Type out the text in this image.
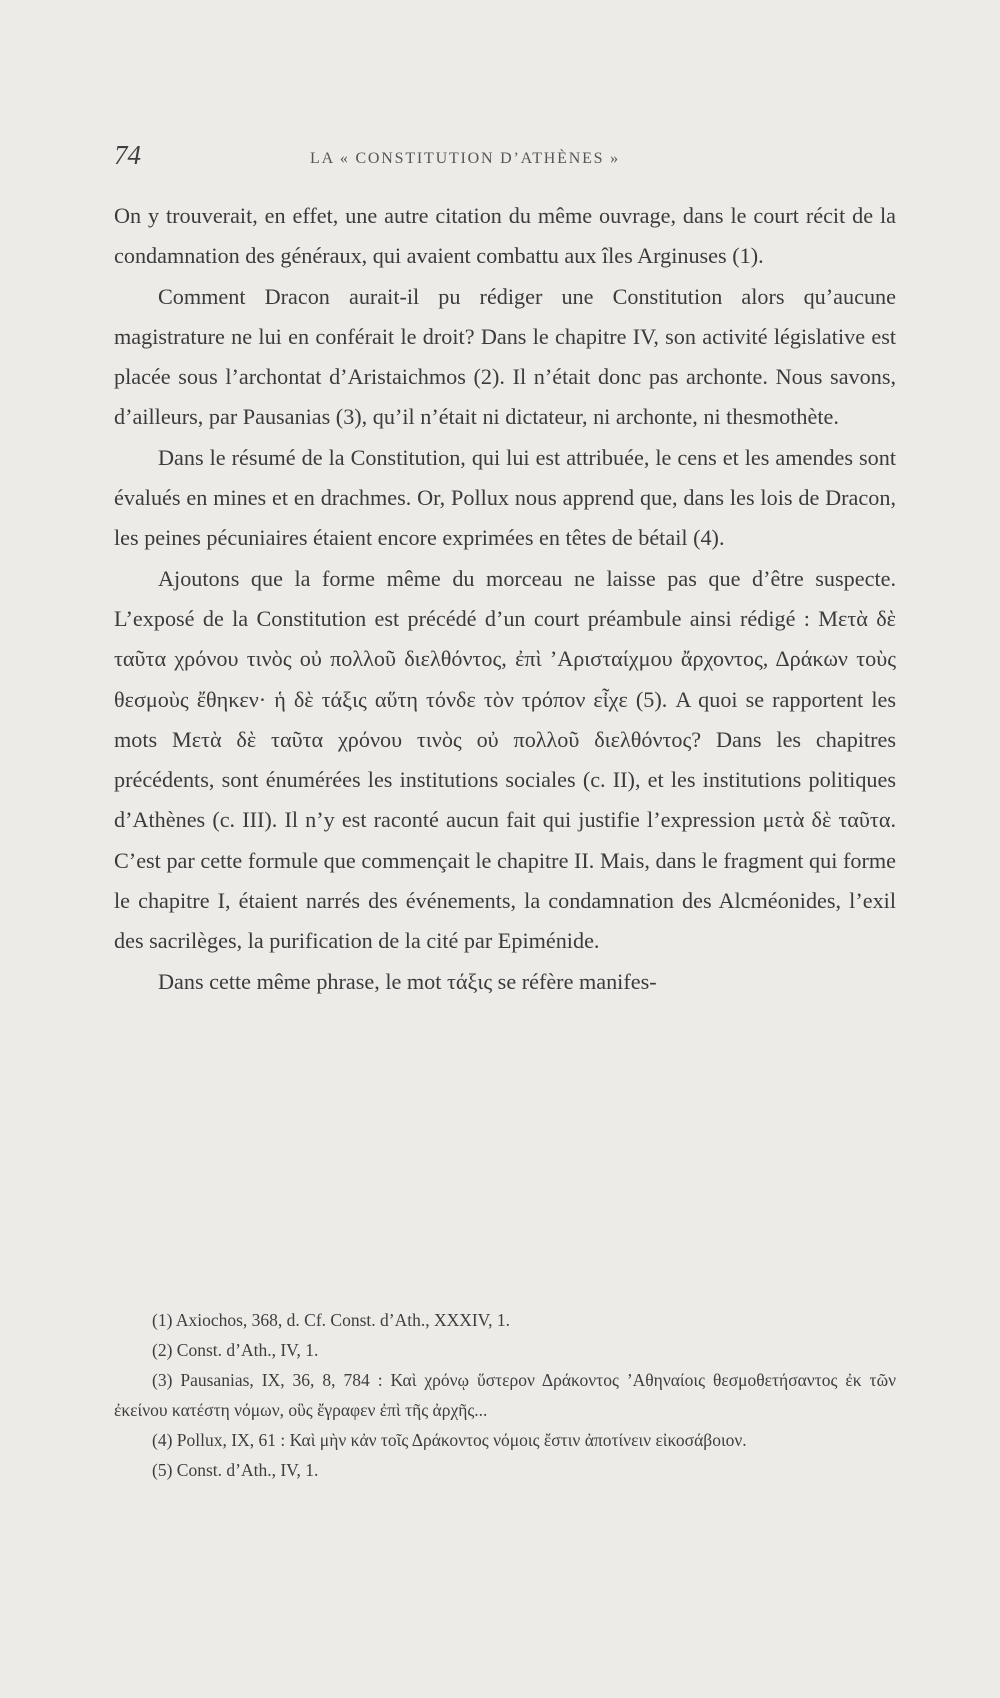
74	LA « CONSTITUTION D’ATHÈNES »

On y trouverait, en effet, une autre citation du même ouvrage, dans le court récit de la condamnation des généraux, qui avaient combattu aux îles Arginuses (1).

Comment Dracon aurait-il pu rédiger une Constitution alors qu’aucune magistrature ne lui en conférait le droit? Dans le chapitre IV, son activité législative est placée sous l’archontat d’Aristaichmos (2). Il n’était donc pas archonte. Nous savons, d’ailleurs, par Pausanias (3), qu’il n’était ni dictateur, ni archonte, ni thesmothète.

Dans le résumé de la Constitution, qui lui est attribuée, le cens et les amendes sont évalués en mines et en drachmes. Or, Pollux nous apprend que, dans les lois de Dracon, les peines pécuniaires étaient encore exprimées en têtes de bétail (4).

Ajoutons que la forme même du morceau ne laisse pas que d’être suspecte. L’exposé de la Constitution est précédé d’un court préambule ainsi rédigé : Μετὰ δὲ ταῦτα χρόνου τινὸς οὐ πολλοῦ διελθόντος, ἐπὶ ’Αρισταίχμου ἄρχοντος, Δράκων τοὺς θεσμοὺς ἔθηκεν· ἡ δὲ τάξις αὕτη τόνδε τὸν τρόπον εἶχε (5). A quoi se rapportent les mots Μετὰ δὲ ταῦτα χρόνου τινὸς οὐ πολλοῦ διελθόντος? Dans les chapitres précédents, sont énumérées les institutions sociales (c. II), et les institutions politiques d’Athènes (c. III). Il n’y est raconté aucun fait qui justifie l’expression μετὰ δὲ ταῦτα. C’est par cette formule que commençait le chapitre II. Mais, dans le fragment qui forme le chapitre I, étaient narrés des événements, la condamnation des Alcméonides, l’exil des sacrilèges, la purification de la cité par Epiménide.

Dans cette même phrase, le mot τάξις se réfère manifes-

(1) Axiochos, 368, d. Cf. Const. d’Ath., XXXIV, 1.

(2) Const. d’Ath., IV, 1.

(3) Pausanias, IX, 36, 8, 784 : Καὶ χρόνῳ ὕστερον Δράκοντος ’Αθηναίοις θεσμοθετήσαντος ἐκ τῶν ἐκείνου κατέστη νόμων, οὓς ἔγραφεν ἐπὶ τῆς ἀρχῆς...

(4) Pollux, IX, 61 : Καὶ μὴν κἀν τοῖς Δράκοντος νόμοις ἔστιν ἀποτίνειν εἰκοσάβοιον.

(5) Const. d’Ath., IV, 1.
